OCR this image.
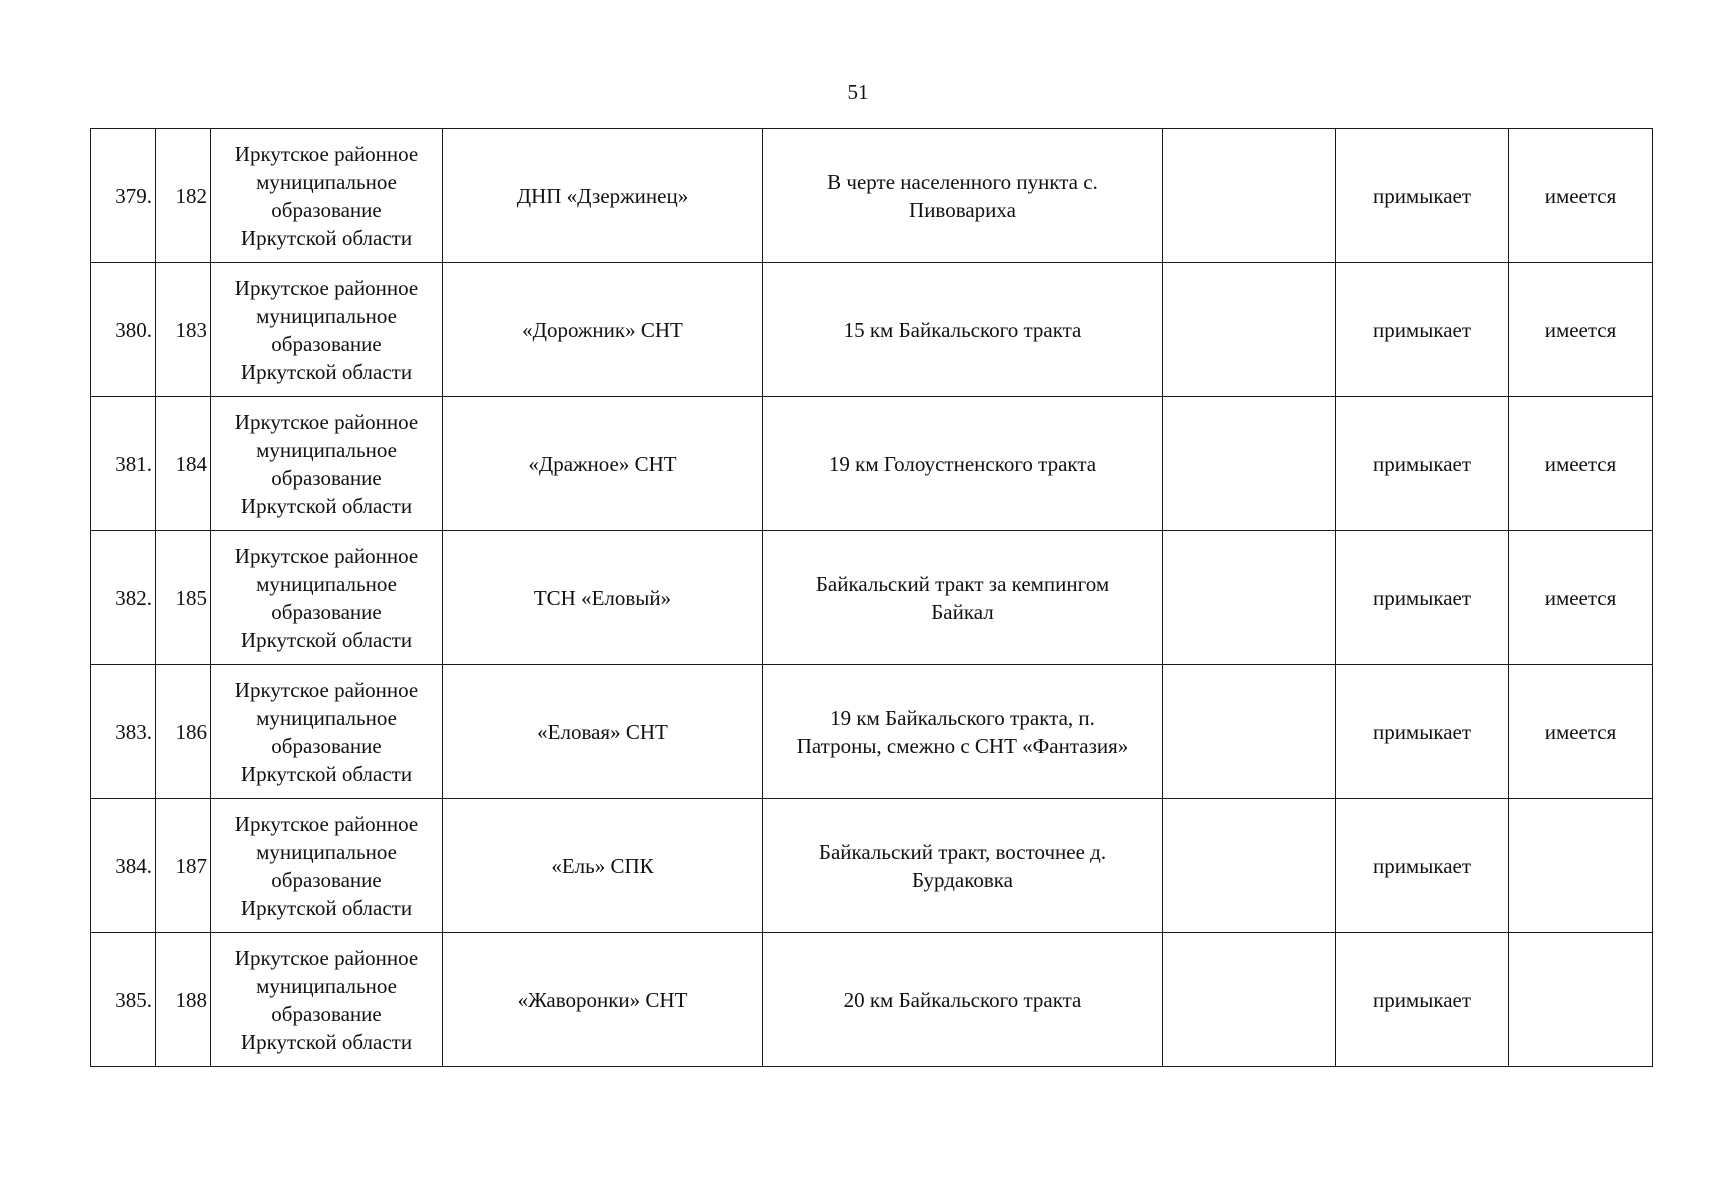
51
379.	182	Иркутское районное
муниципальное
образование
Иркутской области	ДНП «Дзержинец»	В черте населенного пункта с.
Пивовариха		примыкает	имеется
380.	183	Иркутское районное
муниципальное
образование
Иркутской области	«Дорожник» СНТ	15 км Байкальского тракта		примыкает	имеется
381.	184	Иркутское районное
муниципальное
образование
Иркутской области	«Дражное» СНТ	19 км Голоустненского тракта		примыкает	имеется
382.	185	Иркутское районное
муниципальное
образование
Иркутской области	ТСН «Еловый»	Байкальский тракт за кемпингом
Байкал		примыкает	имеется
383.	186	Иркутское районное
муниципальное
образование
Иркутской области	«Еловая» СНТ	19 км Байкальского тракта, п.
Патроны, смежно с СНТ «Фантазия»		примыкает	имеется
384.	187	Иркутское районное
муниципальное
образование
Иркутской области	«Ель» СПК	Байкальский тракт, восточнее д.
Бурдаковка		примыкает	
385.	188	Иркутское районное
муниципальное
образование
Иркутской области	«Жаворонки» СНТ	20 км Байкальского тракта		примыкает	
